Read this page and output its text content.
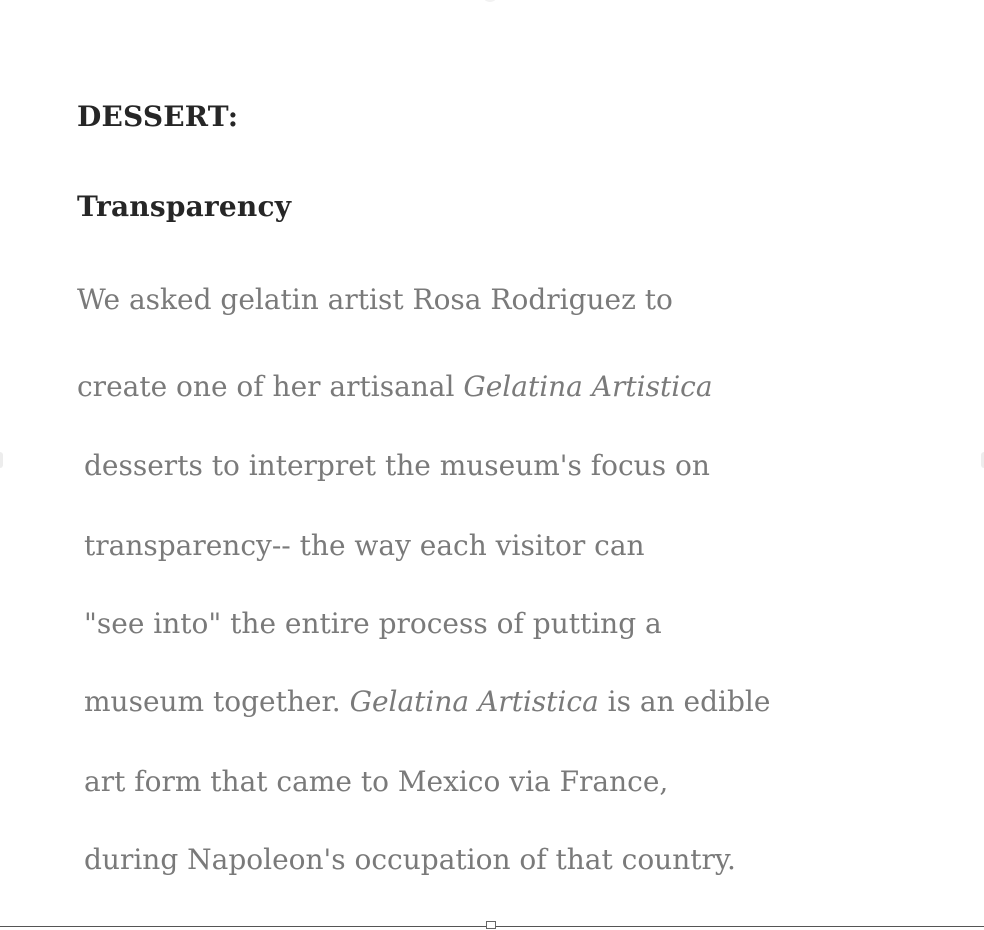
DESSERT:

Transparency

We asked gelatin artist Rosa Rodriguez to

create one of her artisanal Gelatina Artistica

desserts to interpret the museum's focus on

transparency-- the way each visitor can

"see into" the entire process of putting a

museum together. Gelatina Artistica is an edible

art form that came to Mexico via France,

during Napoleon's occupation of that country.
